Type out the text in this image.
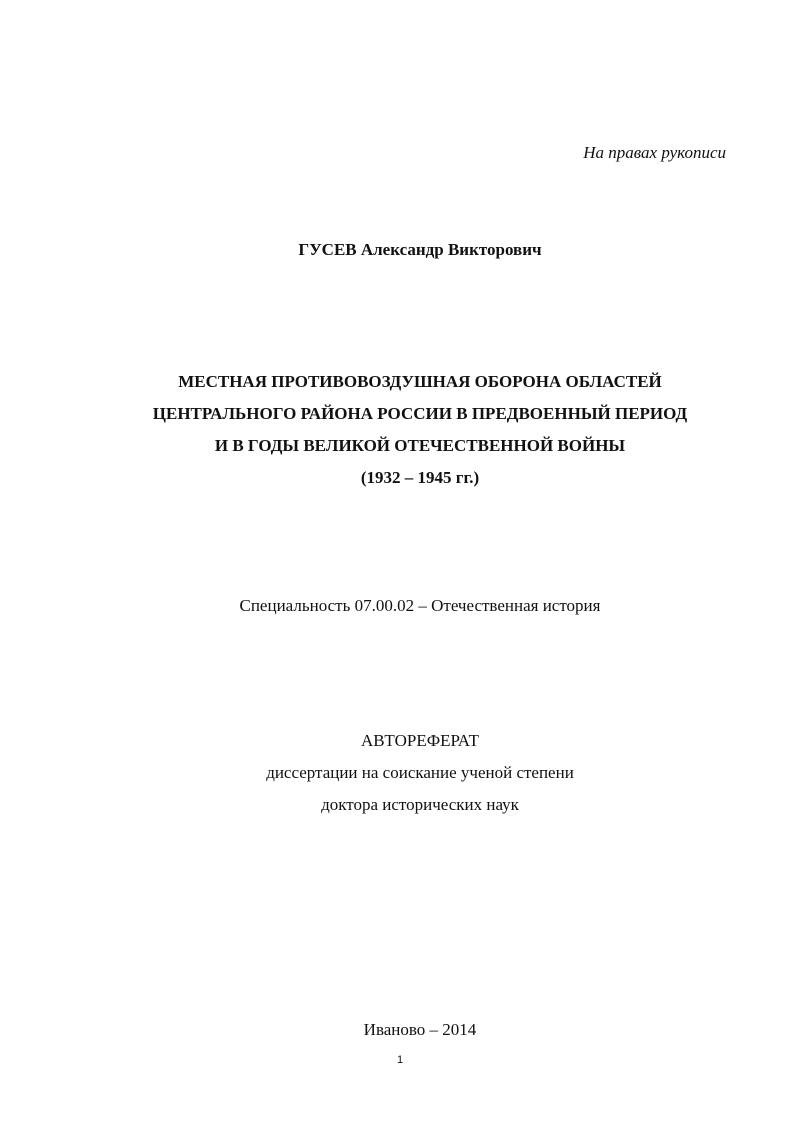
На правах рукописи
ГУСЕВ Александр Викторович
МЕСТНАЯ ПРОТИВОВОЗДУШНАЯ ОБОРОНА ОБЛАСТЕЙ
ЦЕНТРАЛЬНОГО РАЙОНА РОССИИ В ПРЕДВОЕННЫЙ ПЕРИОД
И В ГОДЫ ВЕЛИКОЙ ОТЕЧЕСТВЕННОЙ ВОЙНЫ
(1932 – 1945 гг.)
Специальность 07.00.02 – Отечественная история
АВТОРЕФЕРАТ
диссертации на соискание ученой степени
доктора исторических наук
Иваново – 2014
1
